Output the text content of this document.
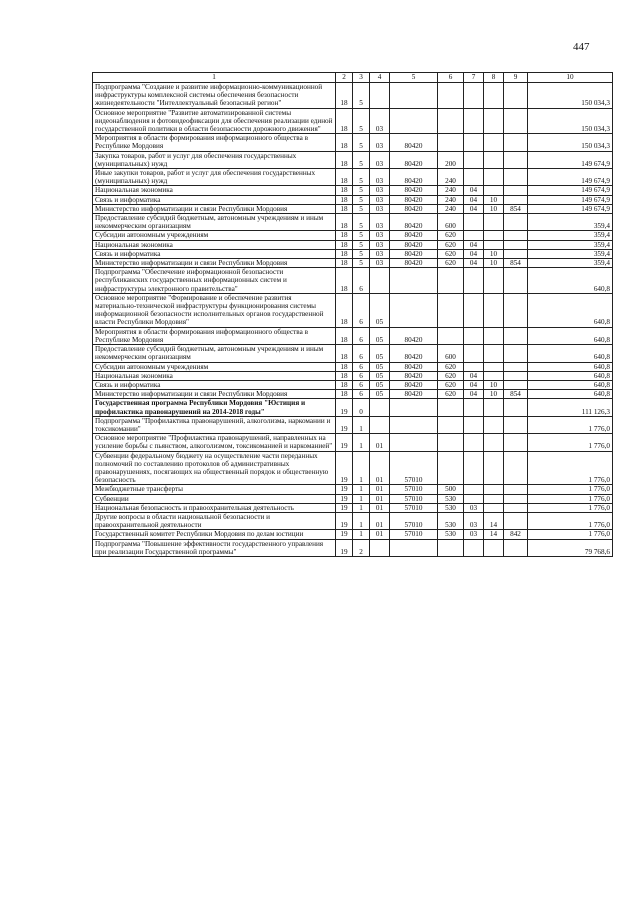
447
1	2	3	4	5	6	7	8	9	10
Подпрограмма "Создание и развитие информационно-коммуникационной инфраструктуры комплексной системы обеспечения безопасности жизнедеятельности "Интеллектуальный безопасный регион"	18	5							150 034,3
Основное мероприятие "Развитие автоматизированной системы видеонаблюдения и фотовидеофиксации для обеспечения реализации единой государственной политики в области безопасности дорожного движения"	18	5	03						150 034,3
Мероприятия в области формирования информационного общества в Республике Мордовия	18	5	03	80420					150 034,3
Закупка товаров, работ и услуг для обеспечения государственных (муниципальных) нужд	18	5	03	80420	200				149 674,9
Иные закупки товаров, работ и услуг для обеспечения государственных (муниципальных) нужд	18	5	03	80420	240				149 674,9
Национальная экономика	18	5	03	80420	240	04			149 674,9
Связь и информатика	18	5	03	80420	240	04	10		149 674,9
Министерство информатизации и связи Республики Мордовия	18	5	03	80420	240	04	10	854	149 674,9
Предоставление субсидий бюджетным, автономным учреждениям и иным некоммерческим организациям	18	5	03	80420	600				359,4
Субсидии автономным учреждениям	18	5	03	80420	620				359,4
Национальная экономика	18	5	03	80420	620	04			359,4
Связь и информатика	18	5	03	80420	620	04	10		359,4
Министерство информатизации и связи Республики Мордовия	18	5	03	80420	620	04	10	854	359,4
Подпрограмма "Обеспечение информационной безопасности республиканских государственных информационных систем и инфраструктуры электронного правительства"	18	6							640,8
Основное мероприятие "Формирование и обеспечение развития материально-технической инфраструктуры функционирования системы информационной безопасности исполнительных органов государственной власти Республики Мордовия"	18	6	05						640,8
Мероприятия в области формирования информационного общества в Республике Мордовия	18	6	05	80420					640,8
Предоставление субсидий бюджетным, автономным учреждениям и иным некоммерческим организациям	18	6	05	80420	600				640,8
Субсидии автономным учреждениям	18	6	05	80420	620				640,8
Национальная экономика	18	6	05	80420	620	04			640,8
Связь и информатика	18	6	05	80420	620	04	10		640,8
Министерство информатизации и связи Республики Мордовия	18	6	05	80420	620	04	10	854	640,8
Государственная программа Республики Мордовия "Юстиция и профилактика правонарушений на 2014-2018 годы"	19	0							111 126,3
Подпрограмма "Профилактика правонарушений, алкоголизма, наркомании и токсикомании"	19	1							1 776,0
Основное мероприятие "Профилактика правонарушений, направленных на усиление борьбы с пьянством, алкоголизмом, токсикоманией и наркоманией"	19	1	01						1 776,0
Субвенции федеральному бюджету на осуществление части переданных полномочий по составлению протоколов об административных правонарушениях, посягающих на общественный порядок и общественную безопасность	19	1	01	57010					1 776,0
Межбюджетные трансферты	19	1	01	57010	500				1 776,0
Субвенции	19	1	01	57010	530				1 776,0
Национальная безопасность и правоохранительная деятельность	19	1	01	57010	530	03			1 776,0
Другие вопросы в области национальной безопасности и правоохранительной деятельности	19	1	01	57010	530	03	14		1 776,0
Государственный комитет Республики Мордовия по делам юстиции	19	1	01	57010	530	03	14	842	1 776,0
Подпрограмма "Повышение эффективности государственного управления при реализации Государственной программы"	19	2							79 768,6
